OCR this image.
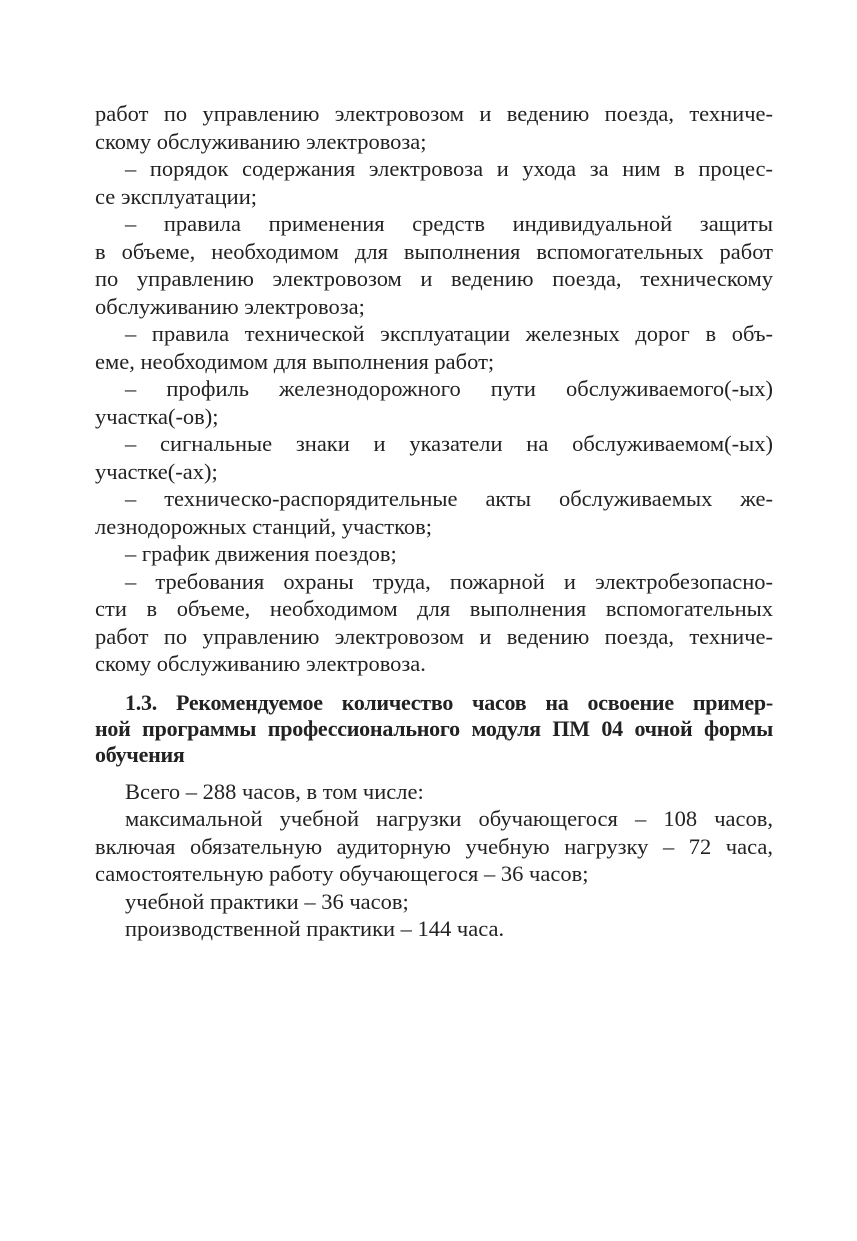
работ по управлению электровозом и ведению поезда, техниче-
скому обслуживанию электровоза;
– порядок содержания электровоза и ухода за ним в процес-
се эксплуатации;
– правила применения средств индивидуальной защиты
в объеме, необходимом для выполнения вспомогательных работ
по управлению электровозом и ведению поезда, техническому
обслуживанию электровоза;
– правила технической эксплуатации железных дорог в объ-
еме, необходимом для выполнения работ;
– профиль железнодорожного пути обслуживаемого(-ых)
участка(-ов);
– сигнальные знаки и указатели на обслуживаемом(-ых)
участке(-ах);
– техническо-распорядительные акты обслуживаемых же-
лезнодорожных станций, участков;
– график движения поездов;
– требования охраны труда, пожарной и электробезопасно-
сти в объеме, необходимом для выполнения вспомогательных
работ по управлению электровозом и ведению поезда, техниче-
скому обслуживанию электровоза.
1.3. Рекомендуемое количество часов на освоение пример-
ной программы профессионального модуля ПМ 04 очной формы
обучения
Всего – 288 часов, в том числе:
максимальной учебной нагрузки обучающегося – 108 часов,
включая обязательную аудиторную учебную нагрузку – 72 часа,
самостоятельную работу обучающегося – 36 часов;
учебной практики – 36 часов;
производственной практики – 144 часа.
